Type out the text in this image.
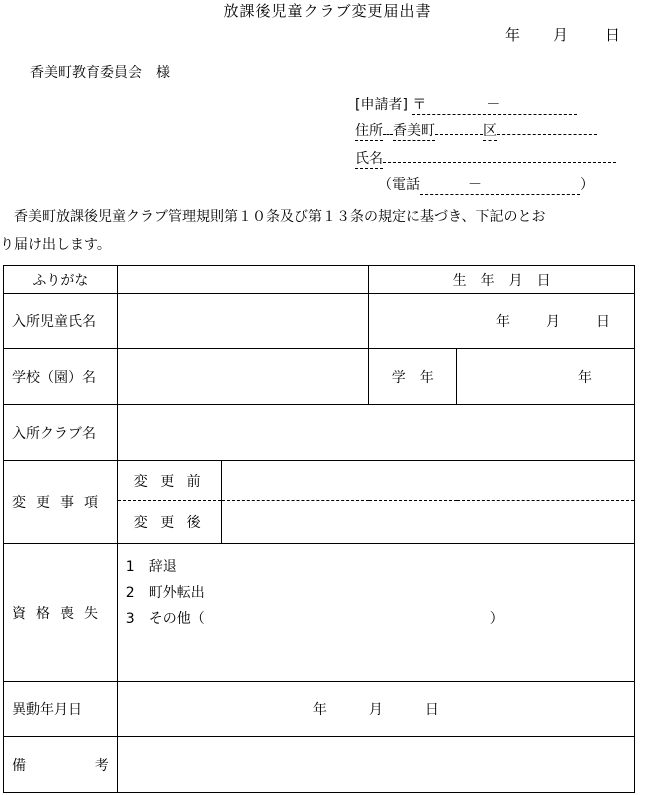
放課後児童クラブ変更届出書
年 月 日
香美町教育委員会　様
[申請者] 〒	－
住所 香美町	区
氏名
（電話	－	）

香美町放課後児童クラブ管理規則第１０条及び第１３条の規定に基づき、下記のとお

り届け出します。

ふりがな			生　年　月　日	
入所児童氏名			年 月 日	
学校（園）名			学　年	年
入所クラブ名				
変更事項	変 更 前			
	変 更 後			
資格喪失	1　 辞退
2　 町外転出
3　 その他（ ）			

異動年月日	年 月 日			
備 考				
